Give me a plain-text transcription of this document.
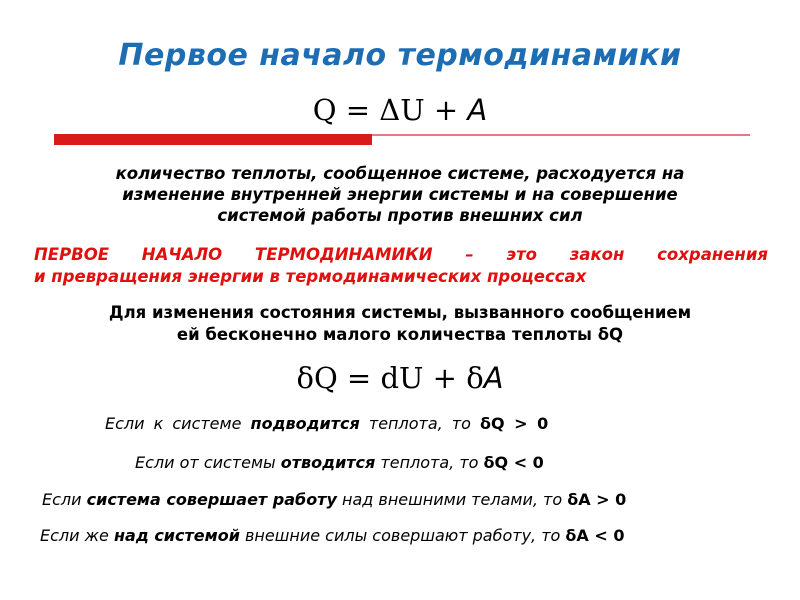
Первое начало термодинамики
Q = ΔU + A
количество теплоты, сообщенное системе, расходуется на
изменение внутренней энергии системы и на совершение
системой работы против внешних сил
ПЕРВОЕ НАЧАЛО ТЕРМОДИНАМИКИ – это закон сохранения
и превращения энергии в термодинамических процессах
Для изменения состояния системы, вызванного сообщением
ей бесконечно малого количества теплоты δQ
δQ = dU + δA
Если к системе подводится теплота, то δQ > 0
Если от системы отводится теплота, то δQ < 0
Если система совершает работу над внешними телами, то δA > 0
Если же над системой внешние силы совершают работу, то δA < 0
